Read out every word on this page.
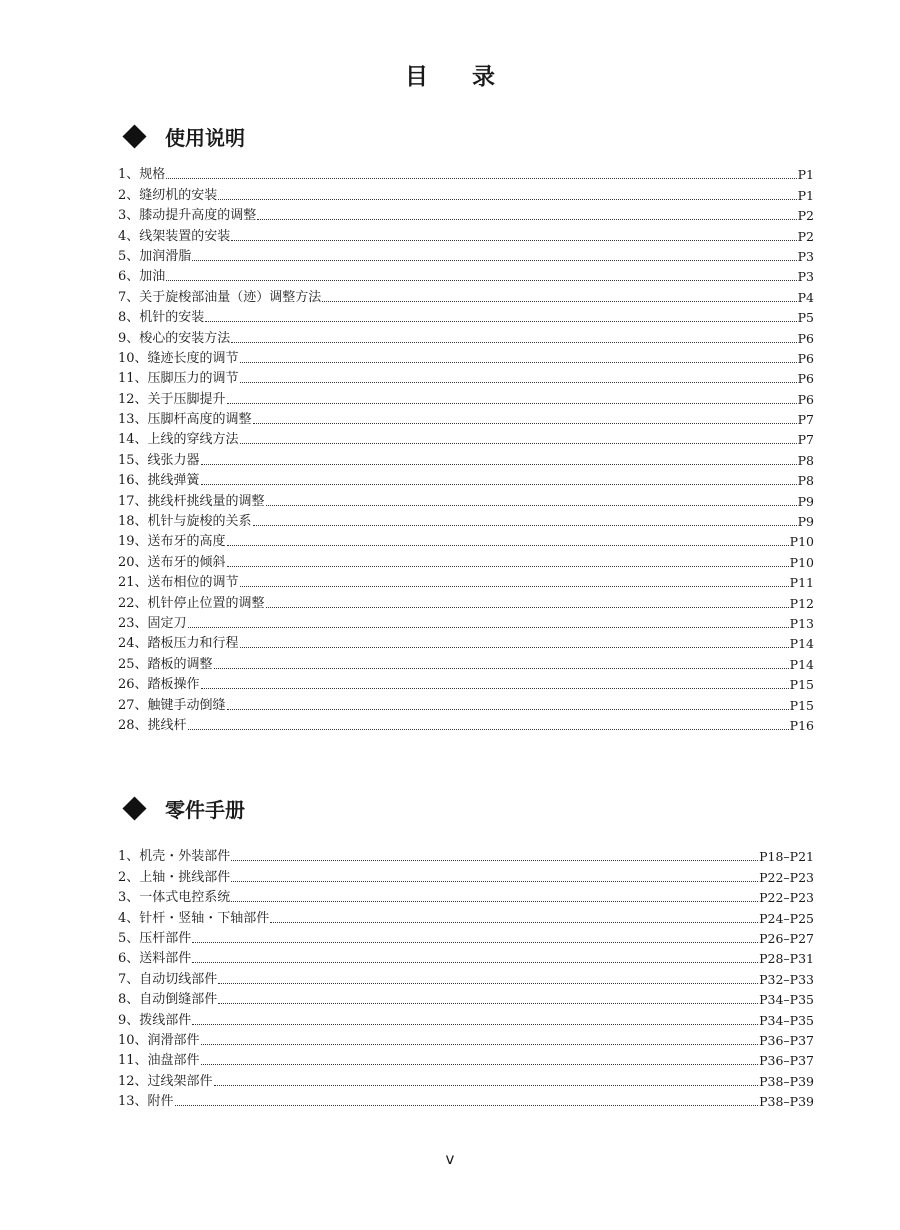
目 录
使用说明
1、规格	P1
2、缝纫机的安装	P1
3、膝动提升高度的调整	P2
4、线架装置的安装	P2
5、加润滑脂	P3
6、加油	P3
7、关于旋梭部油量（迹）调整方法	P4
8、机针的安装	P5
9、梭心的安装方法	P6
10、缝迹长度的调节	P6
11、压脚压力的调节	P6
12、关于压脚提升	P6
13、压脚杆高度的调整	P7
14、上线的穿线方法	P7
15、线张力器	P8
16、挑线弹簧	P8
17、挑线杆挑线量的调整	P9
18、机针与旋梭的关系	P9
19、送布牙的高度	P10
20、送布牙的倾斜	P10
21、送布相位的调节	P11
22、机针停止位置的调整	P12
23、固定刀	P13
24、踏板压力和行程	P14
25、踏板的调整	P14
26、踏板操作	P15
27、触键手动倒缝	P15
28、挑线杆	P16
零件手册
1、机壳・外装部件	P18–P21
2、上轴・挑线部件	P22–P23
3、一体式电控系统	P22–P23
4、针杆・竖轴・下轴部件	P24–P25
5、压杆部件	P26–P27
6、送料部件	P28–P31
7、自动切线部件	P32–P33
8、自动倒缝部件	P34–P35
9、拨线部件	P34–P35
10、润滑部件	P36–P37
11、油盘部件	P36–P37
12、过线架部件	P38–P39
13、附件	P38–P39
v
